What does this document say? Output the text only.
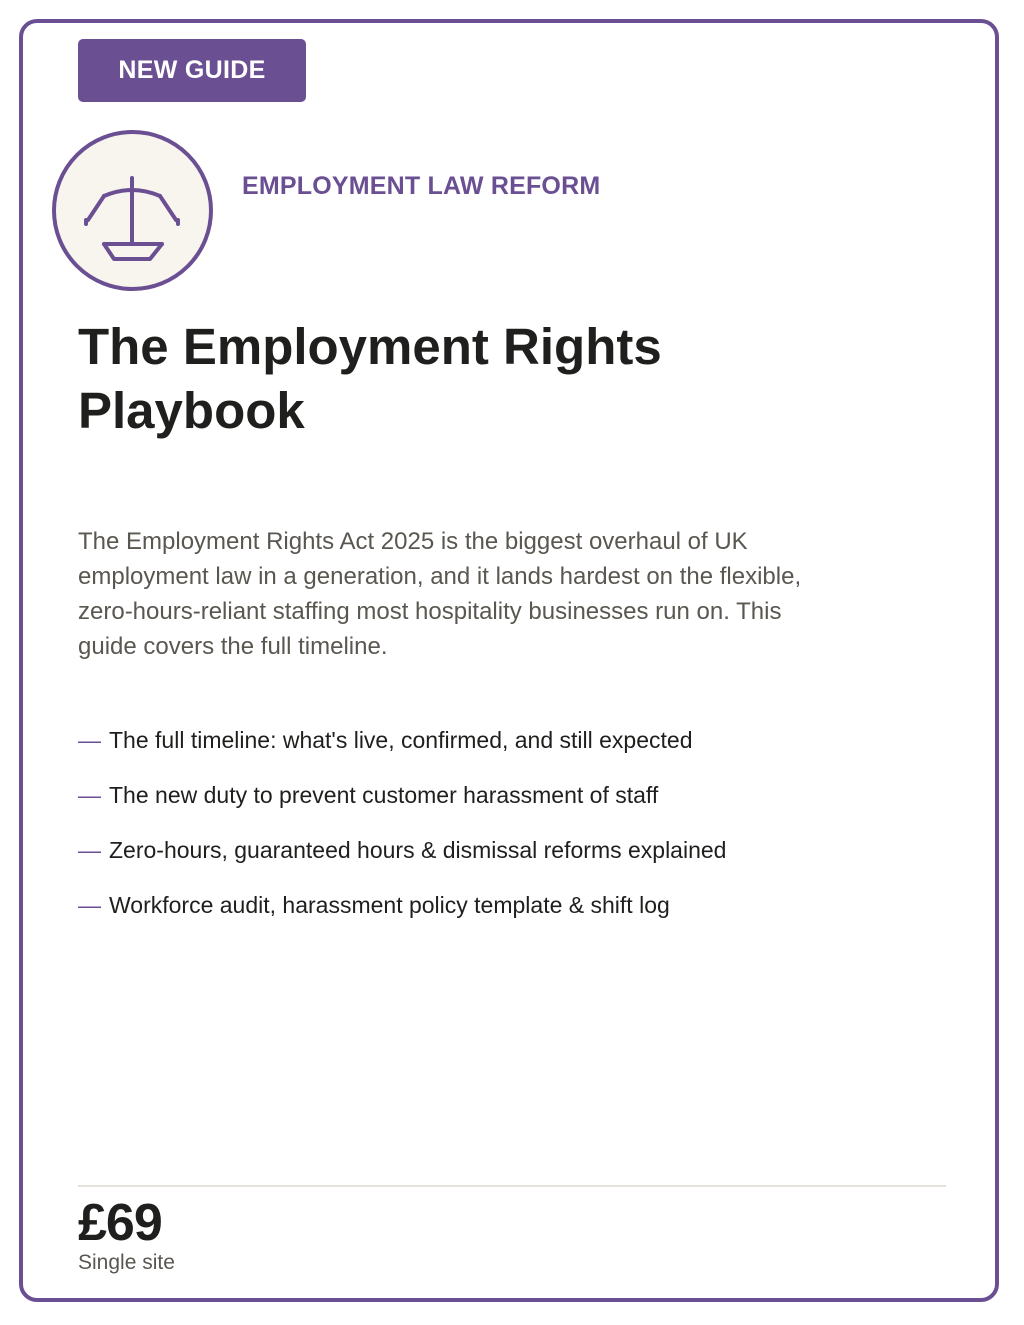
NEW GUIDE
EMPLOYMENT LAW REFORM
The Employment Rights
Playbook

The Employment Rights Act 2025 is the biggest overhaul of UK employment law in a generation, and it lands hardest on the flexible, zero-hours-reliant staffing most hospitality businesses run on. This guide covers the full timeline.

— The full timeline: what's live, confirmed, and still expected
— The new duty to prevent customer harassment of staff
— Zero-hours, guaranteed hours & dismissal reforms explained
— Workforce audit, harassment policy template & shift log
£69
Single site
